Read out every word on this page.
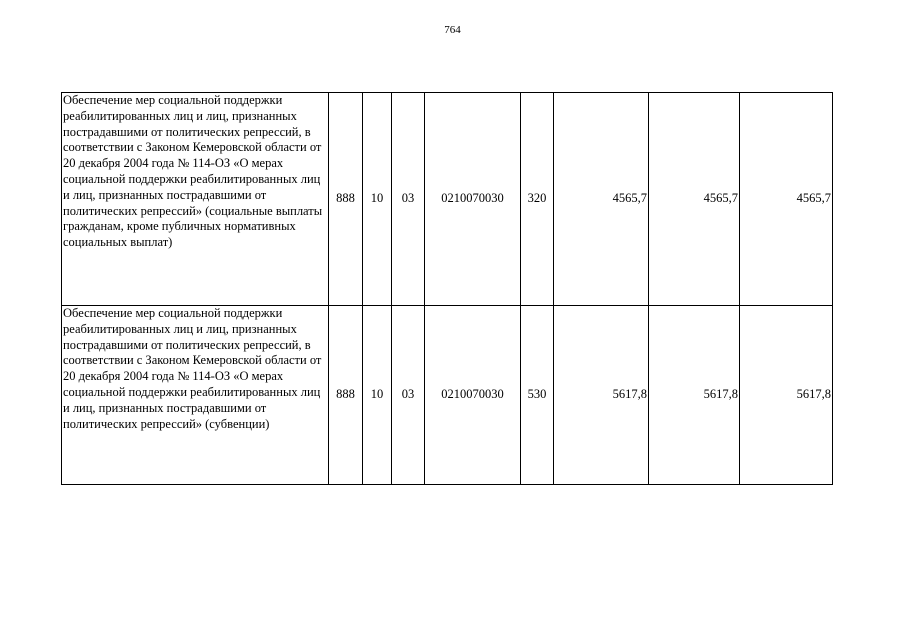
764
Обеспечение мер социальной поддержки реабилитированных лиц и лиц, признанных пострадавшими от политических репрессий, в соответствии с Законом Кемеровской области от 20 декабря 2004 года № 114-ОЗ «О мерах социальной поддержки реабилитированных лиц и лиц, признанных пострадавшими от политических репрессий» (социальные выплаты гражданам, кроме публичных нормативных социальных выплат)	888	10	03	0210070030	320	4565,7	4565,7	4565,7
Обеспечение мер социальной поддержки реабилитированных лиц и лиц, признанных пострадавшими от политических репрессий, в соответствии с Законом Кемеровской области от 20 декабря 2004 года № 114-ОЗ «О мерах социальной поддержки реабилитированных лиц и лиц, признанных пострадавшими от политических репрессий» (субвенции)	888	10	03	0210070030	530	5617,8	5617,8	5617,8
